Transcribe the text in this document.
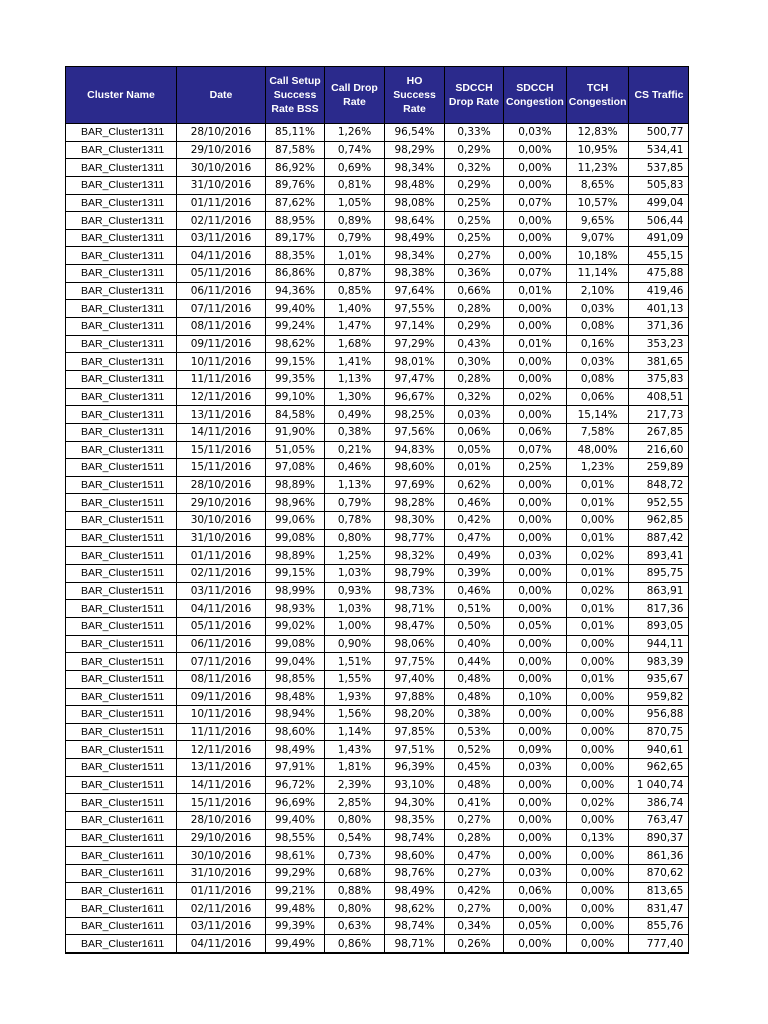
Cluster Name	Date	Call Setup Success Rate BSS	Call Drop Rate	HO Success Rate	SDCCH Drop Rate	SDCCH Congestion	TCH Congestion	CS Traffic
BAR_Cluster1311	28/10/2016	85,11%	1,26%	96,54%	0,33%	0,03%	12,83%	500,77
BAR_Cluster1311	29/10/2016	87,58%	0,74%	98,29%	0,29%	0,00%	10,95%	534,41
BAR_Cluster1311	30/10/2016	86,92%	0,69%	98,34%	0,32%	0,00%	11,23%	537,85
BAR_Cluster1311	31/10/2016	89,76%	0,81%	98,48%	0,29%	0,00%	8,65%	505,83
BAR_Cluster1311	01/11/2016	87,62%	1,05%	98,08%	0,25%	0,07%	10,57%	499,04
BAR_Cluster1311	02/11/2016	88,95%	0,89%	98,64%	0,25%	0,00%	9,65%	506,44
BAR_Cluster1311	03/11/2016	89,17%	0,79%	98,49%	0,25%	0,00%	9,07%	491,09
BAR_Cluster1311	04/11/2016	88,35%	1,01%	98,34%	0,27%	0,00%	10,18%	455,15
BAR_Cluster1311	05/11/2016	86,86%	0,87%	98,38%	0,36%	0,07%	11,14%	475,88
BAR_Cluster1311	06/11/2016	94,36%	0,85%	97,64%	0,66%	0,01%	2,10%	419,46
BAR_Cluster1311	07/11/2016	99,40%	1,40%	97,55%	0,28%	0,00%	0,03%	401,13
BAR_Cluster1311	08/11/2016	99,24%	1,47%	97,14%	0,29%	0,00%	0,08%	371,36
BAR_Cluster1311	09/11/2016	98,62%	1,68%	97,29%	0,43%	0,01%	0,16%	353,23
BAR_Cluster1311	10/11/2016	99,15%	1,41%	98,01%	0,30%	0,00%	0,03%	381,65
BAR_Cluster1311	11/11/2016	99,35%	1,13%	97,47%	0,28%	0,00%	0,08%	375,83
BAR_Cluster1311	12/11/2016	99,10%	1,30%	96,67%	0,32%	0,02%	0,06%	408,51
BAR_Cluster1311	13/11/2016	84,58%	0,49%	98,25%	0,03%	0,00%	15,14%	217,73
BAR_Cluster1311	14/11/2016	91,90%	0,38%	97,56%	0,06%	0,06%	7,58%	267,85
BAR_Cluster1311	15/11/2016	51,05%	0,21%	94,83%	0,05%	0,07%	48,00%	216,60
BAR_Cluster1511	15/11/2016	97,08%	0,46%	98,60%	0,01%	0,25%	1,23%	259,89
BAR_Cluster1511	28/10/2016	98,89%	1,13%	97,69%	0,62%	0,00%	0,01%	848,72
BAR_Cluster1511	29/10/2016	98,96%	0,79%	98,28%	0,46%	0,00%	0,01%	952,55
BAR_Cluster1511	30/10/2016	99,06%	0,78%	98,30%	0,42%	0,00%	0,00%	962,85
BAR_Cluster1511	31/10/2016	99,08%	0,80%	98,77%	0,47%	0,00%	0,01%	887,42
BAR_Cluster1511	01/11/2016	98,89%	1,25%	98,32%	0,49%	0,03%	0,02%	893,41
BAR_Cluster1511	02/11/2016	99,15%	1,03%	98,79%	0,39%	0,00%	0,01%	895,75
BAR_Cluster1511	03/11/2016	98,99%	0,93%	98,73%	0,46%	0,00%	0,02%	863,91
BAR_Cluster1511	04/11/2016	98,93%	1,03%	98,71%	0,51%	0,00%	0,01%	817,36
BAR_Cluster1511	05/11/2016	99,02%	1,00%	98,47%	0,50%	0,05%	0,01%	893,05
BAR_Cluster1511	06/11/2016	99,08%	0,90%	98,06%	0,40%	0,00%	0,00%	944,11
BAR_Cluster1511	07/11/2016	99,04%	1,51%	97,75%	0,44%	0,00%	0,00%	983,39
BAR_Cluster1511	08/11/2016	98,85%	1,55%	97,40%	0,48%	0,00%	0,01%	935,67
BAR_Cluster1511	09/11/2016	98,48%	1,93%	97,88%	0,48%	0,10%	0,00%	959,82
BAR_Cluster1511	10/11/2016	98,94%	1,56%	98,20%	0,38%	0,00%	0,00%	956,88
BAR_Cluster1511	11/11/2016	98,60%	1,14%	97,85%	0,53%	0,00%	0,00%	870,75
BAR_Cluster1511	12/11/2016	98,49%	1,43%	97,51%	0,52%	0,09%	0,00%	940,61
BAR_Cluster1511	13/11/2016	97,91%	1,81%	96,39%	0,45%	0,03%	0,00%	962,65
BAR_Cluster1511	14/11/2016	96,72%	2,39%	93,10%	0,48%	0,00%	0,00%	1 040,74
BAR_Cluster1511	15/11/2016	96,69%	2,85%	94,30%	0,41%	0,00%	0,02%	386,74
BAR_Cluster1611	28/10/2016	99,40%	0,80%	98,35%	0,27%	0,00%	0,00%	763,47
BAR_Cluster1611	29/10/2016	98,55%	0,54%	98,74%	0,28%	0,00%	0,13%	890,37
BAR_Cluster1611	30/10/2016	98,61%	0,73%	98,60%	0,47%	0,00%	0,00%	861,36
BAR_Cluster1611	31/10/2016	99,29%	0,68%	98,76%	0,27%	0,03%	0,00%	870,62
BAR_Cluster1611	01/11/2016	99,21%	0,88%	98,49%	0,42%	0,06%	0,00%	813,65
BAR_Cluster1611	02/11/2016	99,48%	0,80%	98,62%	0,27%	0,00%	0,00%	831,47
BAR_Cluster1611	03/11/2016	99,39%	0,63%	98,74%	0,34%	0,05%	0,00%	855,76
BAR_Cluster1611	04/11/2016	99,49%	0,86%	98,71%	0,26%	0,00%	0,00%	777,40
